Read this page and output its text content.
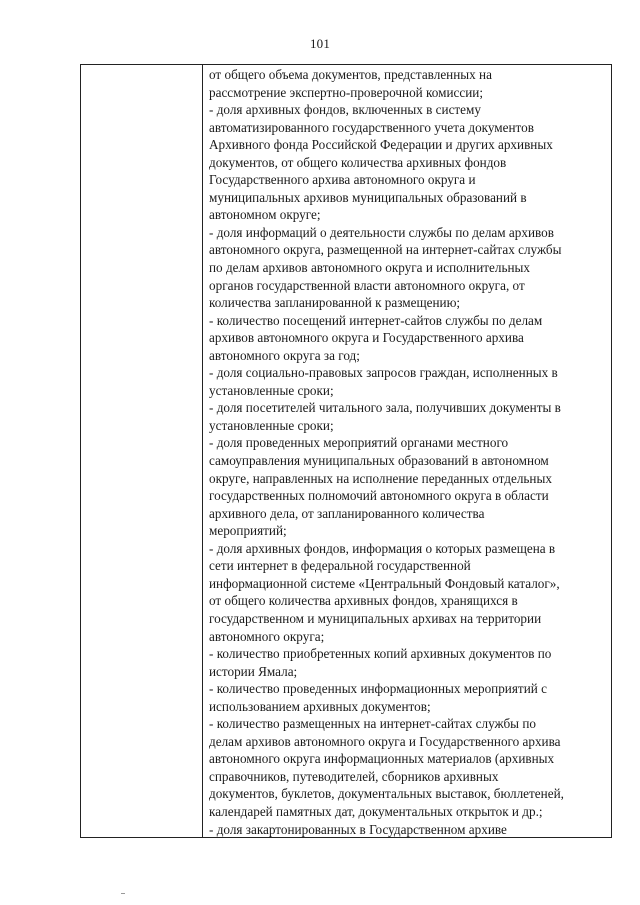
101
от общего объема документов, представленных на
рассмотрение экспертно-проверочной комиссии;
- доля архивных фондов, включенных в систему
автоматизированного государственного учета документов
Архивного фонда Российской Федерации и других архивных
документов, от общего количества архивных фондов
Государственного архива автономного округа и
муниципальных архивов муниципальных образований в
автономном округе;
- доля информаций о деятельности службы по делам архивов
автономного округа, размещенной на интернет-сайтах службы
по делам архивов автономного округа и исполнительных
органов государственной власти автономного округа, от
количества запланированной к размещению;
- количество посещений интернет-сайтов службы по делам
архивов автономного округа и Государственного архива
автономного округа за год;
- доля социально-правовых запросов граждан, исполненных в
установленные сроки;
- доля посетителей читального зала, получивших документы в
установленные сроки;
- доля проведенных мероприятий органами местного
самоуправления муниципальных образований в автономном
округе, направленных на исполнение переданных отдельных
государственных полномочий автономного округа в области
архивного дела, от запланированного количества
мероприятий;
- доля архивных фондов, информация о которых размещена в
сети интернет в федеральной государственной
информационной системе «Центральный Фондовый каталог»,
от общего количества архивных фондов, хранящихся в
государственном и муниципальных архивах на территории
автономного округа;
- количество приобретенных копий архивных документов по
истории Ямала;
- количество проведенных информационных мероприятий с
использованием архивных документов;
- количество размещенных на интернет-сайтах службы по
делам архивов автономного округа и Государственного архива
автономного округа информационных материалов (архивных
справочников, путеводителей, сборников архивных
документов, буклетов, документальных выставок, бюллетеней,
календарей памятных дат, документальных открыток и др.;
- доля закартонированных в Государственном архиве
